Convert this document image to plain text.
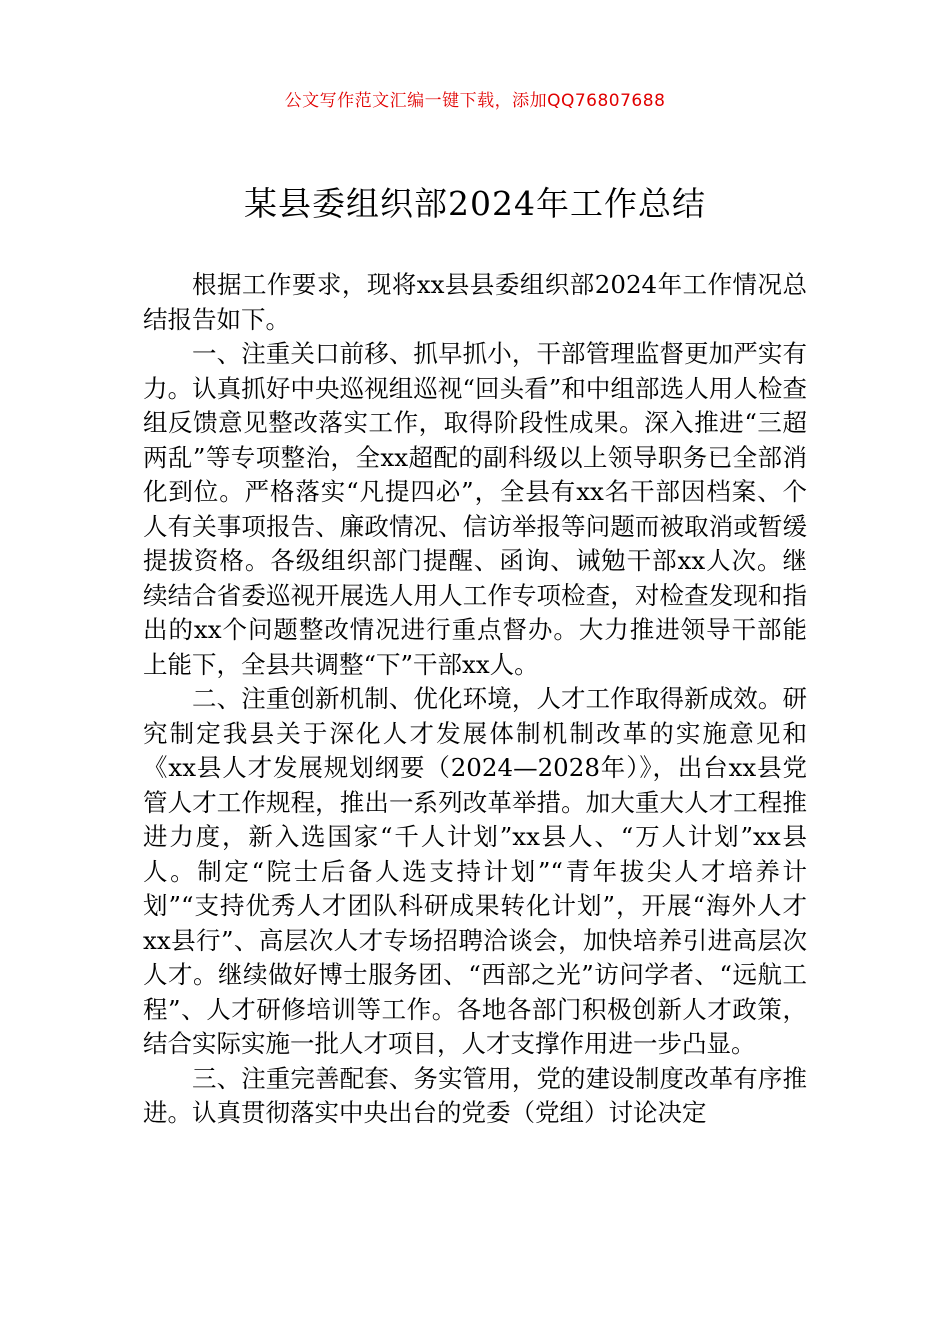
公文写作范文汇编一键下载，添加QQ76807688
某县委组织部2024年工作总结

根据工作要求，现将xx县县委组织部2024年工作情况总结报告如下。

一、注重关口前移、抓早抓小，干部管理监督更加严实有力。认真抓好中央巡视组巡视“回头看”和中组部选人用人检查组反馈意见整改落实工作，取得阶段性成果。深入推进“三超两乱”等专项整治，全xx超配的副科级以上领导职务已全部消化到位。严格落实“凡提四必”，全县有xx名干部因档案、个人有关事项报告、廉政情况、信访举报等问题而被取消或暂缓提拔资格。各级组织部门提醒、函询、诫勉干部xx人次。继续结合省委巡视开展选人用人工作专项检查，对检查发现和指出的xx个问题整改情况进行重点督办。大力推进领导干部能上能下，全县共调整“下”干部xx人。

二、注重创新机制、优化环境，人才工作取得新成效。研究制定我县关于深化人才发展体制机制改革的实施意见和《xx县人才发展规划纲要（2024—2028年）》，出台xx县党管人才工作规程，推出一系列改革举措。加大重大人才工程推进力度，新入选国家“千人计划”xx县人、“万人计划”xx县人。制定“院士后备人选支持计划”“青年拔尖人才培养计划”“支持优秀人才团队科研成果转化计划”，开展“海外人才xx县行”、高层次人才专场招聘洽谈会，加快培养引进高层次人才。继续做好博士服务团、“西部之光”访问学者、“远航工程”、人才研修培训等工作。各地各部门积极创新人才政策，结合实际实施一批人才项目，人才支撑作用进一步凸显。

三、注重完善配套、务实管用，党的建设制度改革有序推进。认真贯彻落实中央出台的党委（党组）讨论决定
